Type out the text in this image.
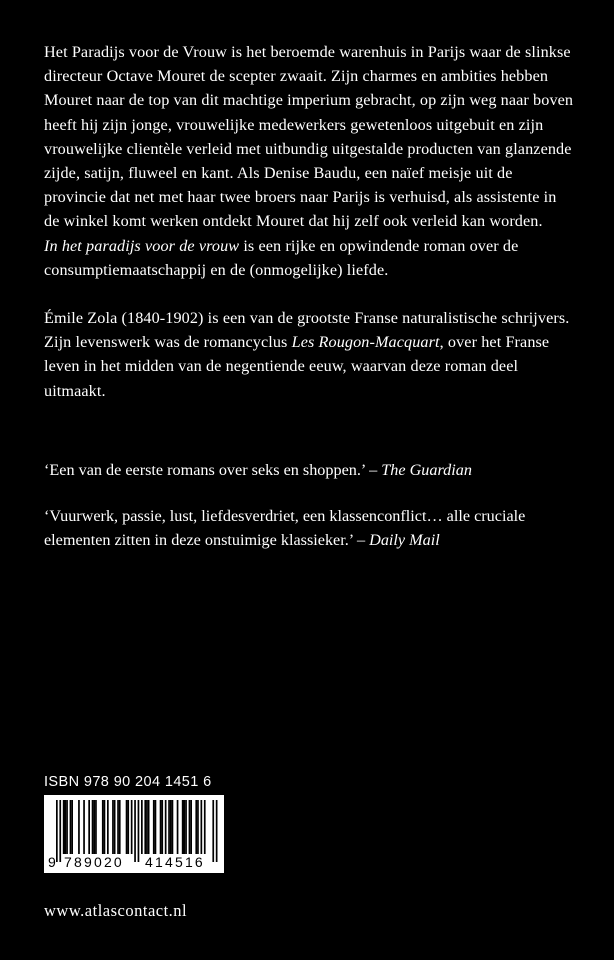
Het Paradijs voor de Vrouw is het beroemde warenhuis in Parijs waar de slinkse directeur Octave Mouret de scepter zwaait. Zijn charmes en ambities hebben Mouret naar de top van dit machtige imperium gebracht, op zijn weg naar boven heeft hij zijn jonge, vrouwelijke medewerkers gewetenloos uitgebuit en zijn vrouwelijke clientèle verleid met uitbundig uitgestalde producten van glanzende zijde, satijn, fluweel en kant. Als Denise Baudu, een naïef meisje uit de provincie dat net met haar twee broers naar Parijs is verhuisd, als assistente in de winkel komt werken ontdekt Mouret dat hij zelf ook verleid kan worden.

In het paradijs voor de vrouw is een rijke en opwindende roman over de consumptiemaatschappij en de (onmogelijke) liefde.

Émile Zola (1840-1902) is een van de grootste Franse naturalistische schrijvers. Zijn levenswerk was de romancyclus Les Rougon-Macquart, over het Franse leven in het midden van de negentiende eeuw, waarvan deze roman deel uitmaakt.

‘Een van de eerste romans over seks en shoppen.’ – The Guardian

‘Vuurwerk, passie, lust, liefdesverdriet, een klassenconflict… alle cruciale elementen zitten in deze onstuimige klassieker.’ – Daily Mail

ISBN 978 90 204 1451 6
9 789020 414516
www.atlascontact.nl
